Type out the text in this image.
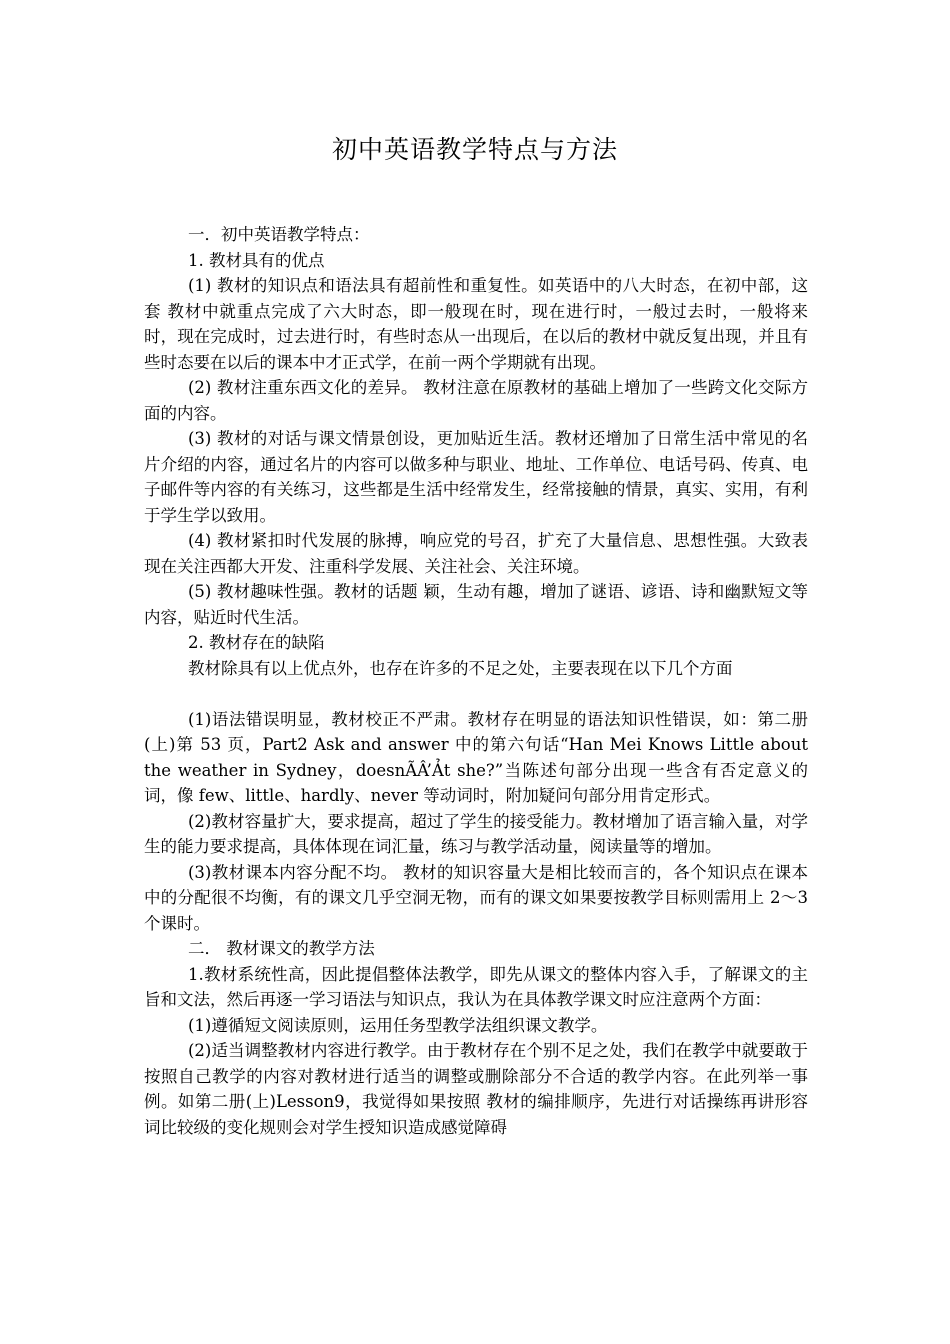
初中英语教学特点与方法

一．初中英语教学特点：

1. 教材具有的优点

(1) 教材的知识点和语法具有超前性和重复性。如英语中的八大时态，在初中部，这套 教材中就重点完成了六大时态，即一般现在时，现在进行时，一般过去时，一般将来时，现在完成时，过去进行时，有些时态从一出现后，在以后的教材中就反复出现，并且有些时态要在以后的课本中才正式学，在前一两个学期就有出现。

(2) 教材注重东西文化的差异。 教材注意在原教材的基础上增加了一些跨文化交际方面的内容。

(3) 教材的对话与课文情景创设，更加贴近生活。教材还增加了日常生活中常见的名片介绍的内容，通过名片的内容可以做多种与职业、地址、工作单位、电话号码、传真、电子邮件等内容的有关练习，这些都是生活中经常发生，经常接触的情景，真实、实用，有利于学生学以致用。

(4) 教材紧扣时代发展的脉搏，响应党的号召，扩充了大量信息、思想性强。大致表现在关注西都大开发、注重科学发展、关注社会、关注环境。

(5) 教材趣味性强。教材的话题 颖，生动有趣，增加了谜语、谚语、诗和幽默短文等内容，贴近时代生活。

2. 教材存在的缺陷

教材除具有以上优点外，也存在许多的不足之处，主要表现在以下几个方面

(1)语法错误明显，教材校正不严肃。教材存在明显的语法知识性错误，如：第二册(上)第 53 页，Part2 Ask and answer 中的第六句话“Han Mei Knows Little about the weather in Sydney，doesnÃÂ’Ảt she?”当陈述句部分出现一些含有否定意义的词，像 few、little、hardly、never 等动词时，附加疑问句部分用肯定形式。

(2)教材容量扩大，要求提高，超过了学生的接受能力。教材增加了语言输入量，对学生的能力要求提高，具体体现在词汇量，练习与教学活动量，阅读量等的增加。

(3)教材课本内容分配不均。 教材的知识容量大是相比较而言的，各个知识点在课本中的分配很不均衡，有的课文几乎空洞无物，而有的课文如果要按教学目标则需用上 2～3 个课时。

二． 教材课文的教学方法

1.教材系统性高，因此提倡整体法教学，即先从课文的整体内容入手，了解课文的主旨和文法，然后再逐一学习语法与知识点，我认为在具体教学课文时应注意两个方面：

(1)遵循短文阅读原则，运用任务型教学法组织课文教学。

(2)适当调整教材内容进行教学。由于教材存在个别不足之处，我们在教学中就要敢于按照自己教学的内容对教材进行适当的调整或删除部分不合适的教学内容。在此列举一事例。如第二册(上)Lesson9，我觉得如果按照 教材的编排顺序，先进行对话操练再讲形容词比较级的变化规则会对学生授知识造成感觉障碍
